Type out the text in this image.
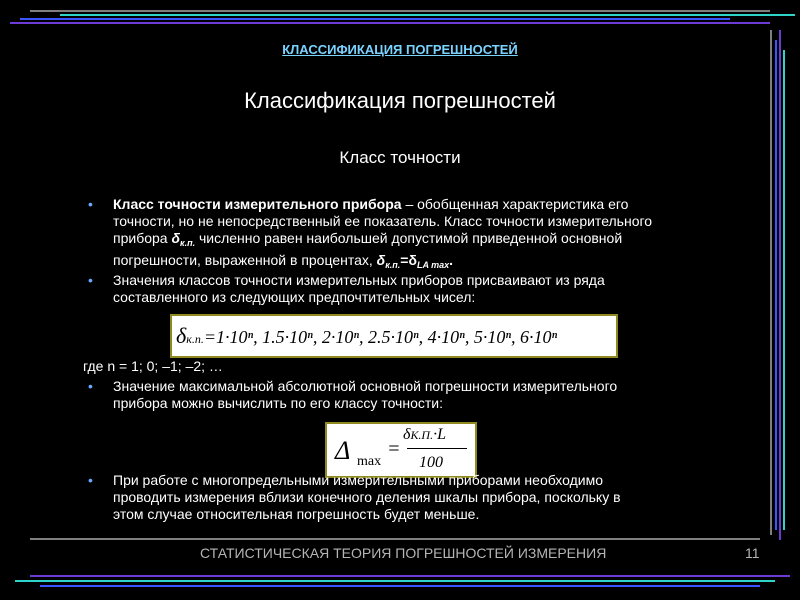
КЛАССИФИКАЦИЯ ПОГРЕШНОСТЕЙ
Классификация погрешностей
Класс точности
• Класс точности измерительного прибора – обобщенная характеристика его
точности, но не непосредственный ее показатель. Класс точности измерительного
прибора $\delta_{к.п.}$ численно равен наибольшей допустимой приведенной основной
погрешности, выраженной в процентах, $\delta_{к.п.}=\delta_{LA max}$.
• Значения классов точности измерительных приборов присваивают из ряда
составленного из следующих предпочтительных чисел:
δк.п.=1·10ⁿ, 1.5·10ⁿ, 2·10ⁿ, 2.5·10ⁿ, 4·10ⁿ, 5·10ⁿ, 6·10ⁿ
где n = 1; 0; –1; –2; …
• Значение максимальной абсолютной основной погрешности измерительного
прибора можно вычислить по его классу точности:
Δ max
=
δК.П.·L
100
• При работе с многопредельными измерительными приборами необходимо
проводить измерения вблизи конечного деления шкалы прибора, поскольку в
этом случае относительная погрешность будет меньше.
СТАТИСТИЧЕСКАЯ ТЕОРИЯ ПОГРЕШНОСТЕЙ ИЗМЕРЕНИЯ	11
